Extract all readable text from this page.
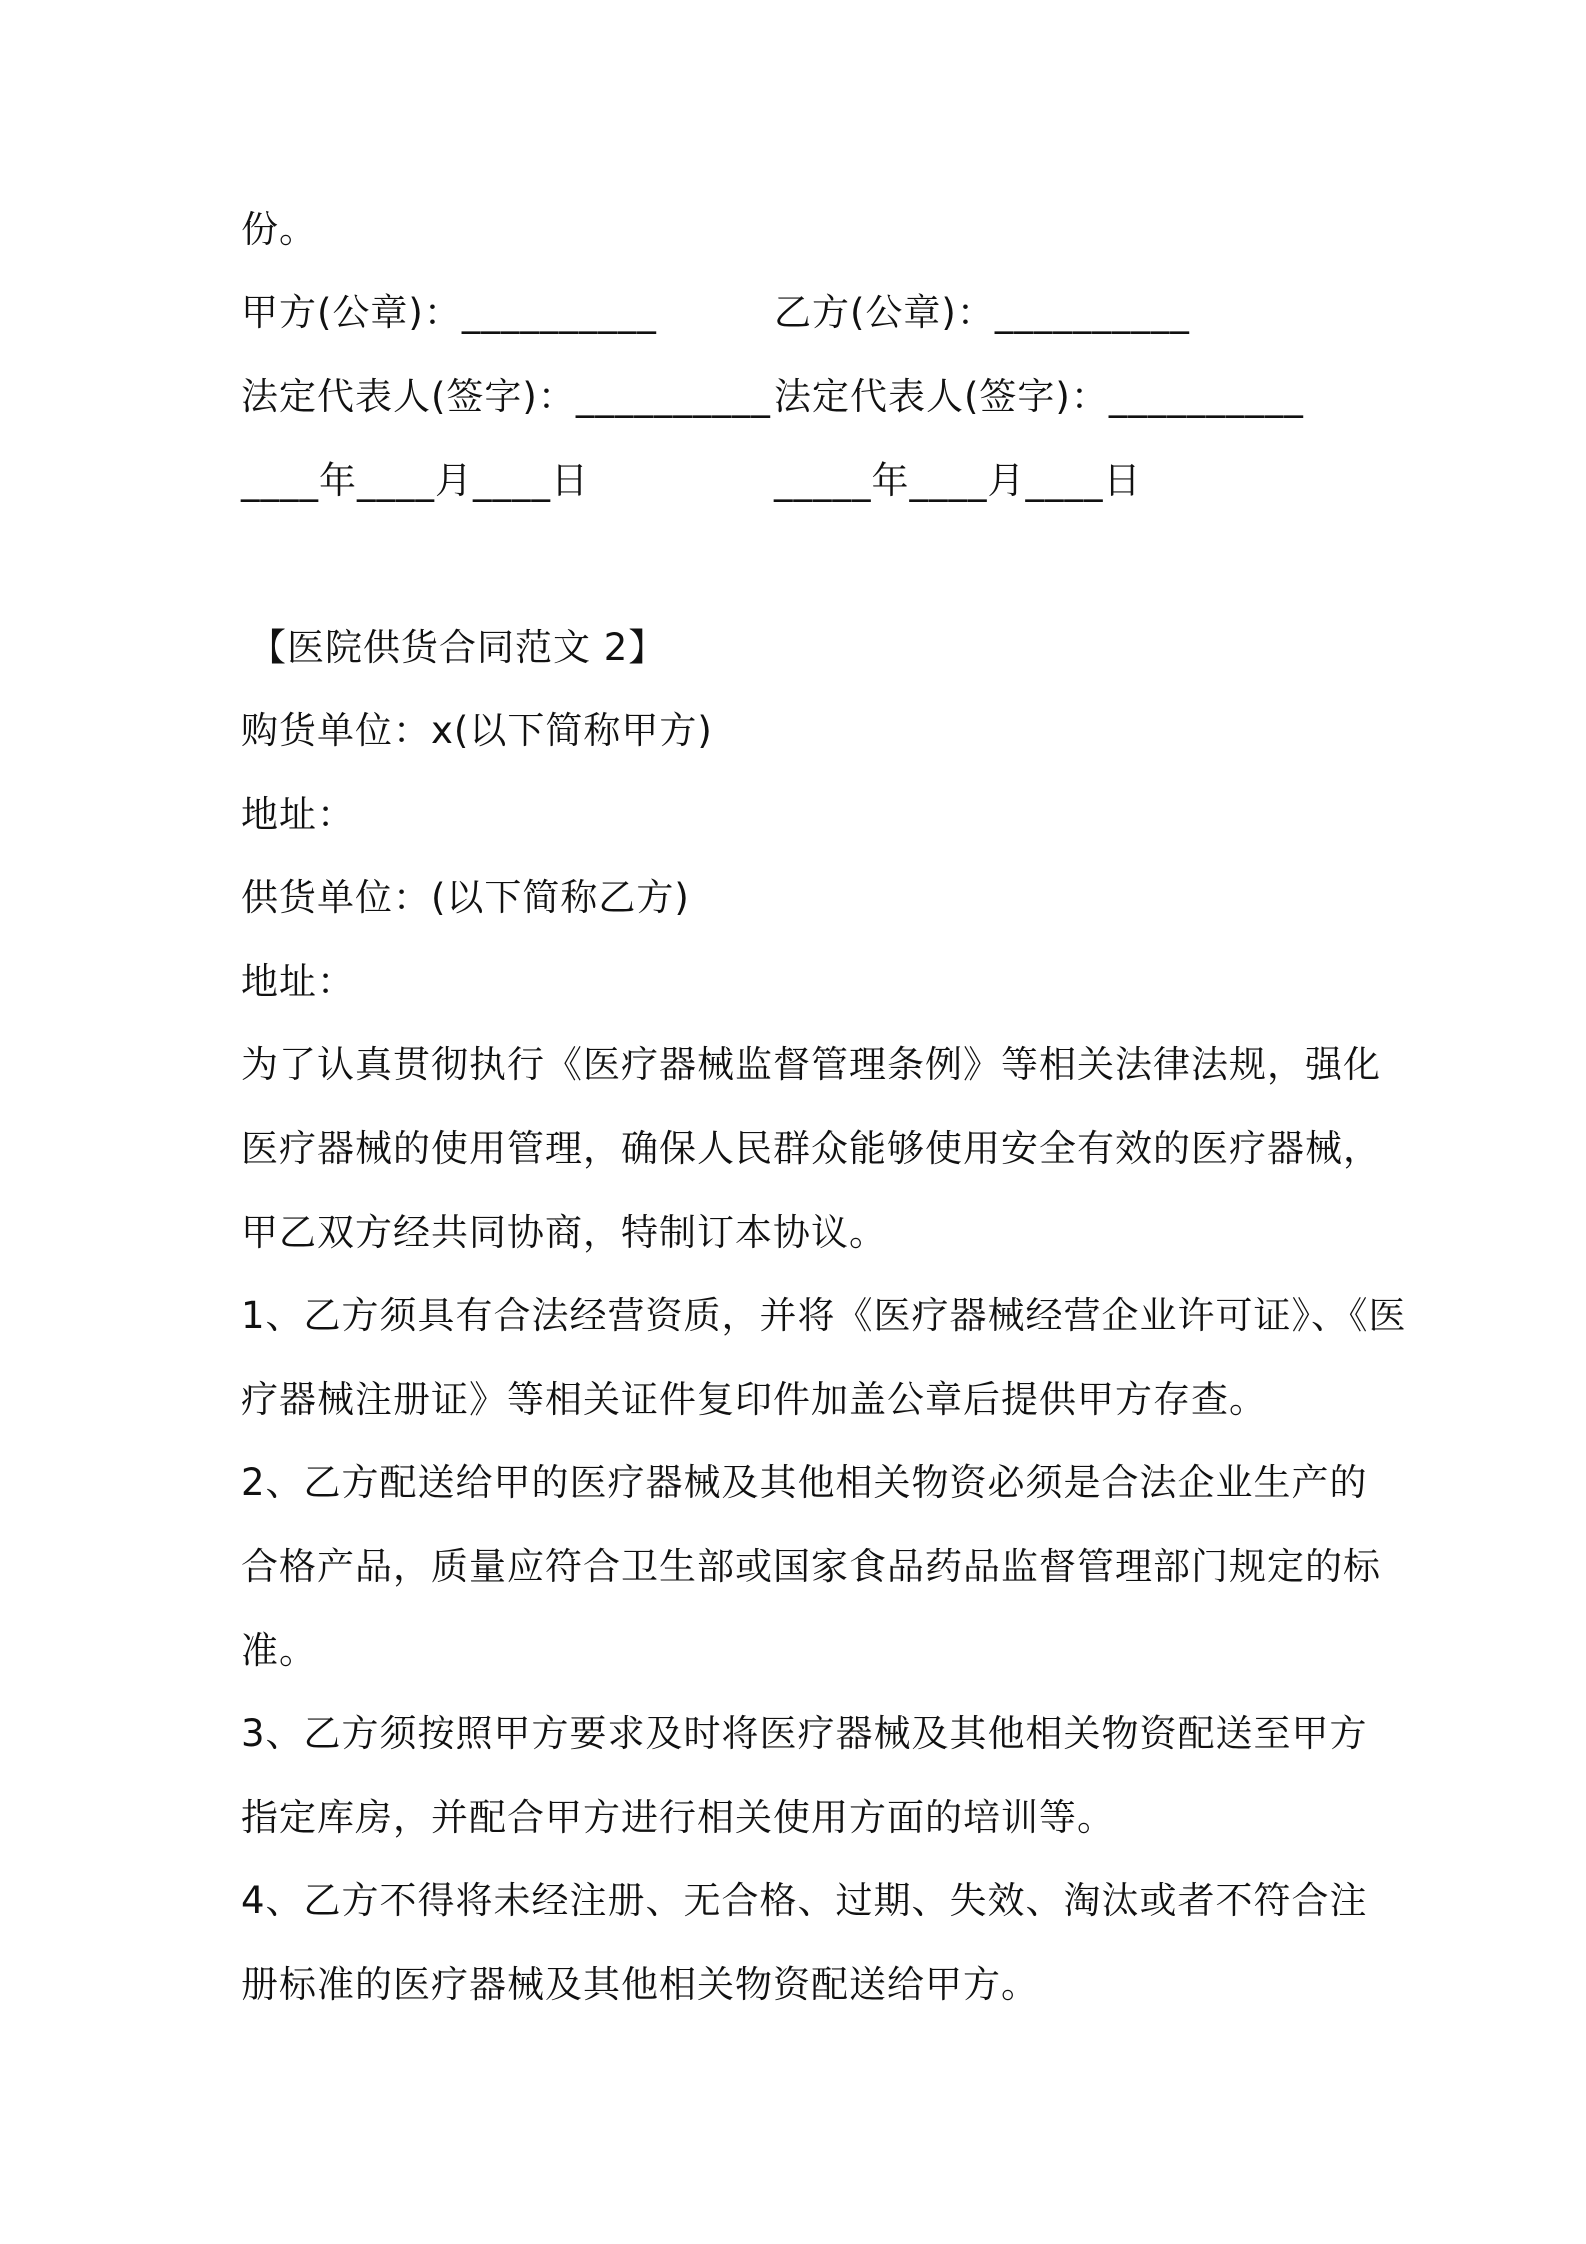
份。
甲方(公章)：__________	乙方(公章)：__________
法定代表人(签字)：__________ 法定代表人(签字)：__________
____年____月____日	_____年____月____日
【医院供货合同范文 2】
购货单位：x(以下简称甲方)
地址：
供货单位：(以下简称乙方)
地址：
为了认真贯彻执行《医疗器械监督管理条例》等相关法律法规，强化
医疗器械的使用管理，确保人民群众能够使用安全有效的医疗器械，
甲乙双方经共同协商，特制订本协议。
1、乙方须具有合法经营资质，并将《医疗器械经营企业许可证》、《医
疗器械注册证》等相关证件复印件加盖公章后提供甲方存查。
2、乙方配送给甲的医疗器械及其他相关物资必须是合法企业生产的
合格产品，质量应符合卫生部或国家食品药品监督管理部门规定的标
准。
3、乙方须按照甲方要求及时将医疗器械及其他相关物资配送至甲方
指定库房，并配合甲方进行相关使用方面的培训等。
4、乙方不得将未经注册、无合格、过期、失效、淘汰或者不符合注
册标准的医疗器械及其他相关物资配送给甲方。
